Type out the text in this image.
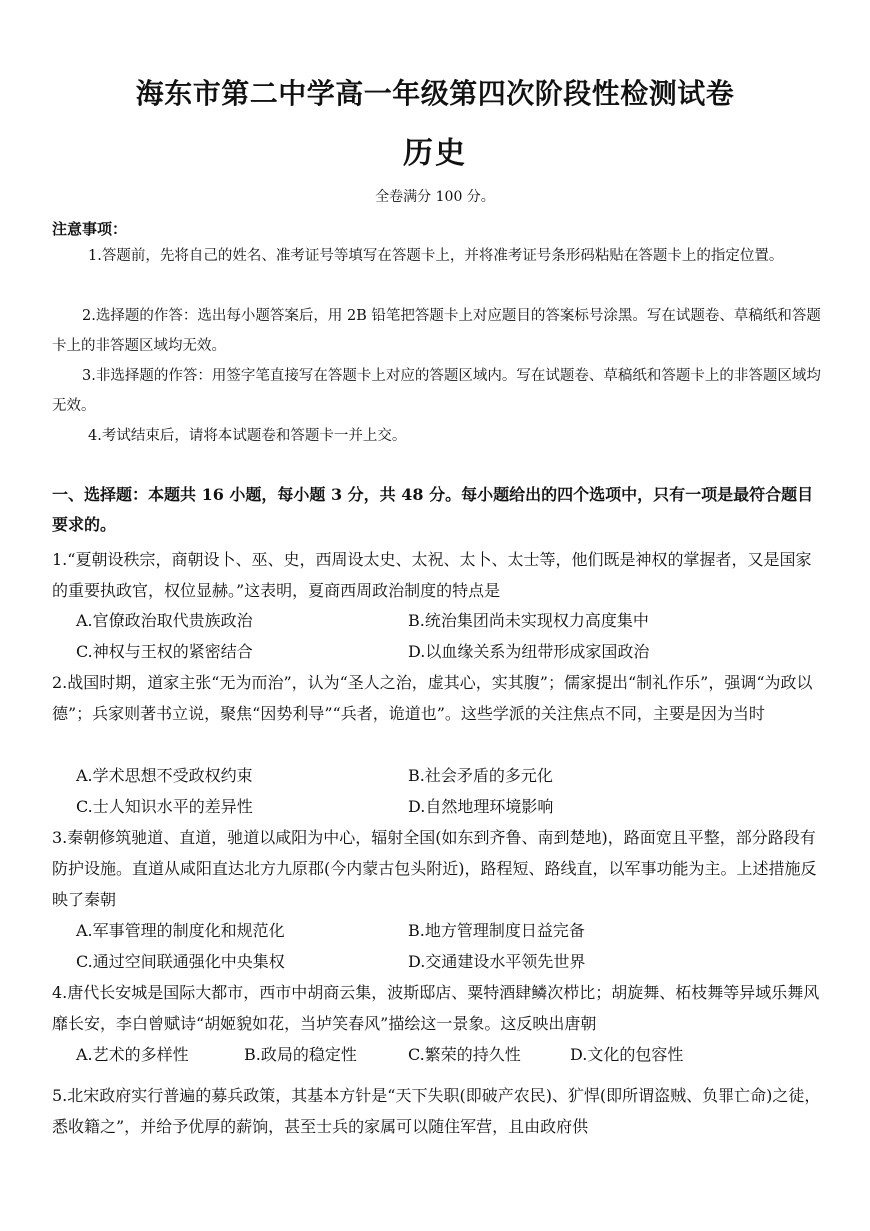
海东市第二中学高一年级第四次阶段性检测试卷
历史
全卷满分 100 分。
注意事项：
1.答题前，先将自己的姓名、准考证号等填写在答题卡上，并将准考证号条形码粘贴在答题卡上的指定位置。
2.选择题的作答：选出每小题答案后，用 2B 铅笔把答题卡上对应题目的答案标号涂黑。写在试题卷、草稿纸和答题卡上的非答题区域均无效。
3.非选择题的作答：用签字笔直接写在答题卡上对应的答题区域内。写在试题卷、草稿纸和答题卡上的非答题区域均无效。
4.考试结束后，请将本试题卷和答题卡一并上交。
一、选择题：本题共 16 小题，每小题 3 分，共 48 分。每小题给出的四个选项中，只有一项是最符合题目要求的。
1.“夏朝设秩宗，商朝设卜、巫、史，西周设太史、太祝、太卜、太士等，他们既是神权的掌握者，又是国家的重要执政官，权位显赫。”这表明，夏商西周政治制度的特点是
A.官僚政治取代贵族政治	B.统治集团尚未实现权力高度集中
C.神权与王权的紧密结合	D.以血缘关系为纽带形成家国政治
2.战国时期，道家主张“无为而治”，认为“圣人之治，虚其心，实其腹”；儒家提出“制礼作乐”，强调“为政以德”；兵家则著书立说，聚焦“因势利导”“兵者，诡道也”。这些学派的关注焦点不同，主要是因为当时
A.学术思想不受政权约束	B.社会矛盾的多元化
C.士人知识水平的差异性	D.自然地理环境影响
3.秦朝修筑驰道、直道，驰道以咸阳为中心，辐射全国(如东到齐鲁、南到楚地)，路面宽且平整，部分路段有防护设施。直道从咸阳直达北方九原郡(今内蒙古包头附近)，路程短、路线直，以军事功能为主。上述措施反映了秦朝
A.军事管理的制度化和规范化	B.地方管理制度日益完备
C.通过空间联通强化中央集权	D.交通建设水平领先世界
4.唐代长安城是国际大都市，西市中胡商云集，波斯邸店、粟特酒肆鳞次栉比；胡旋舞、柘枝舞等异域乐舞风靡长安，李白曾赋诗“胡姬貌如花，当垆笑春风”描绘这一景象。这反映出唐朝
A.艺术的多样性	B.政局的稳定性	C.繁荣的持久性	D.文化的包容性
5.北宋政府实行普遍的募兵政策，其基本方针是“天下失职(即破产农民)、犷悍(即所谓盗贼、负罪亡命)之徒，悉收籍之”，并给予优厚的薪饷，甚至士兵的家属可以随住军营，且由政府供
